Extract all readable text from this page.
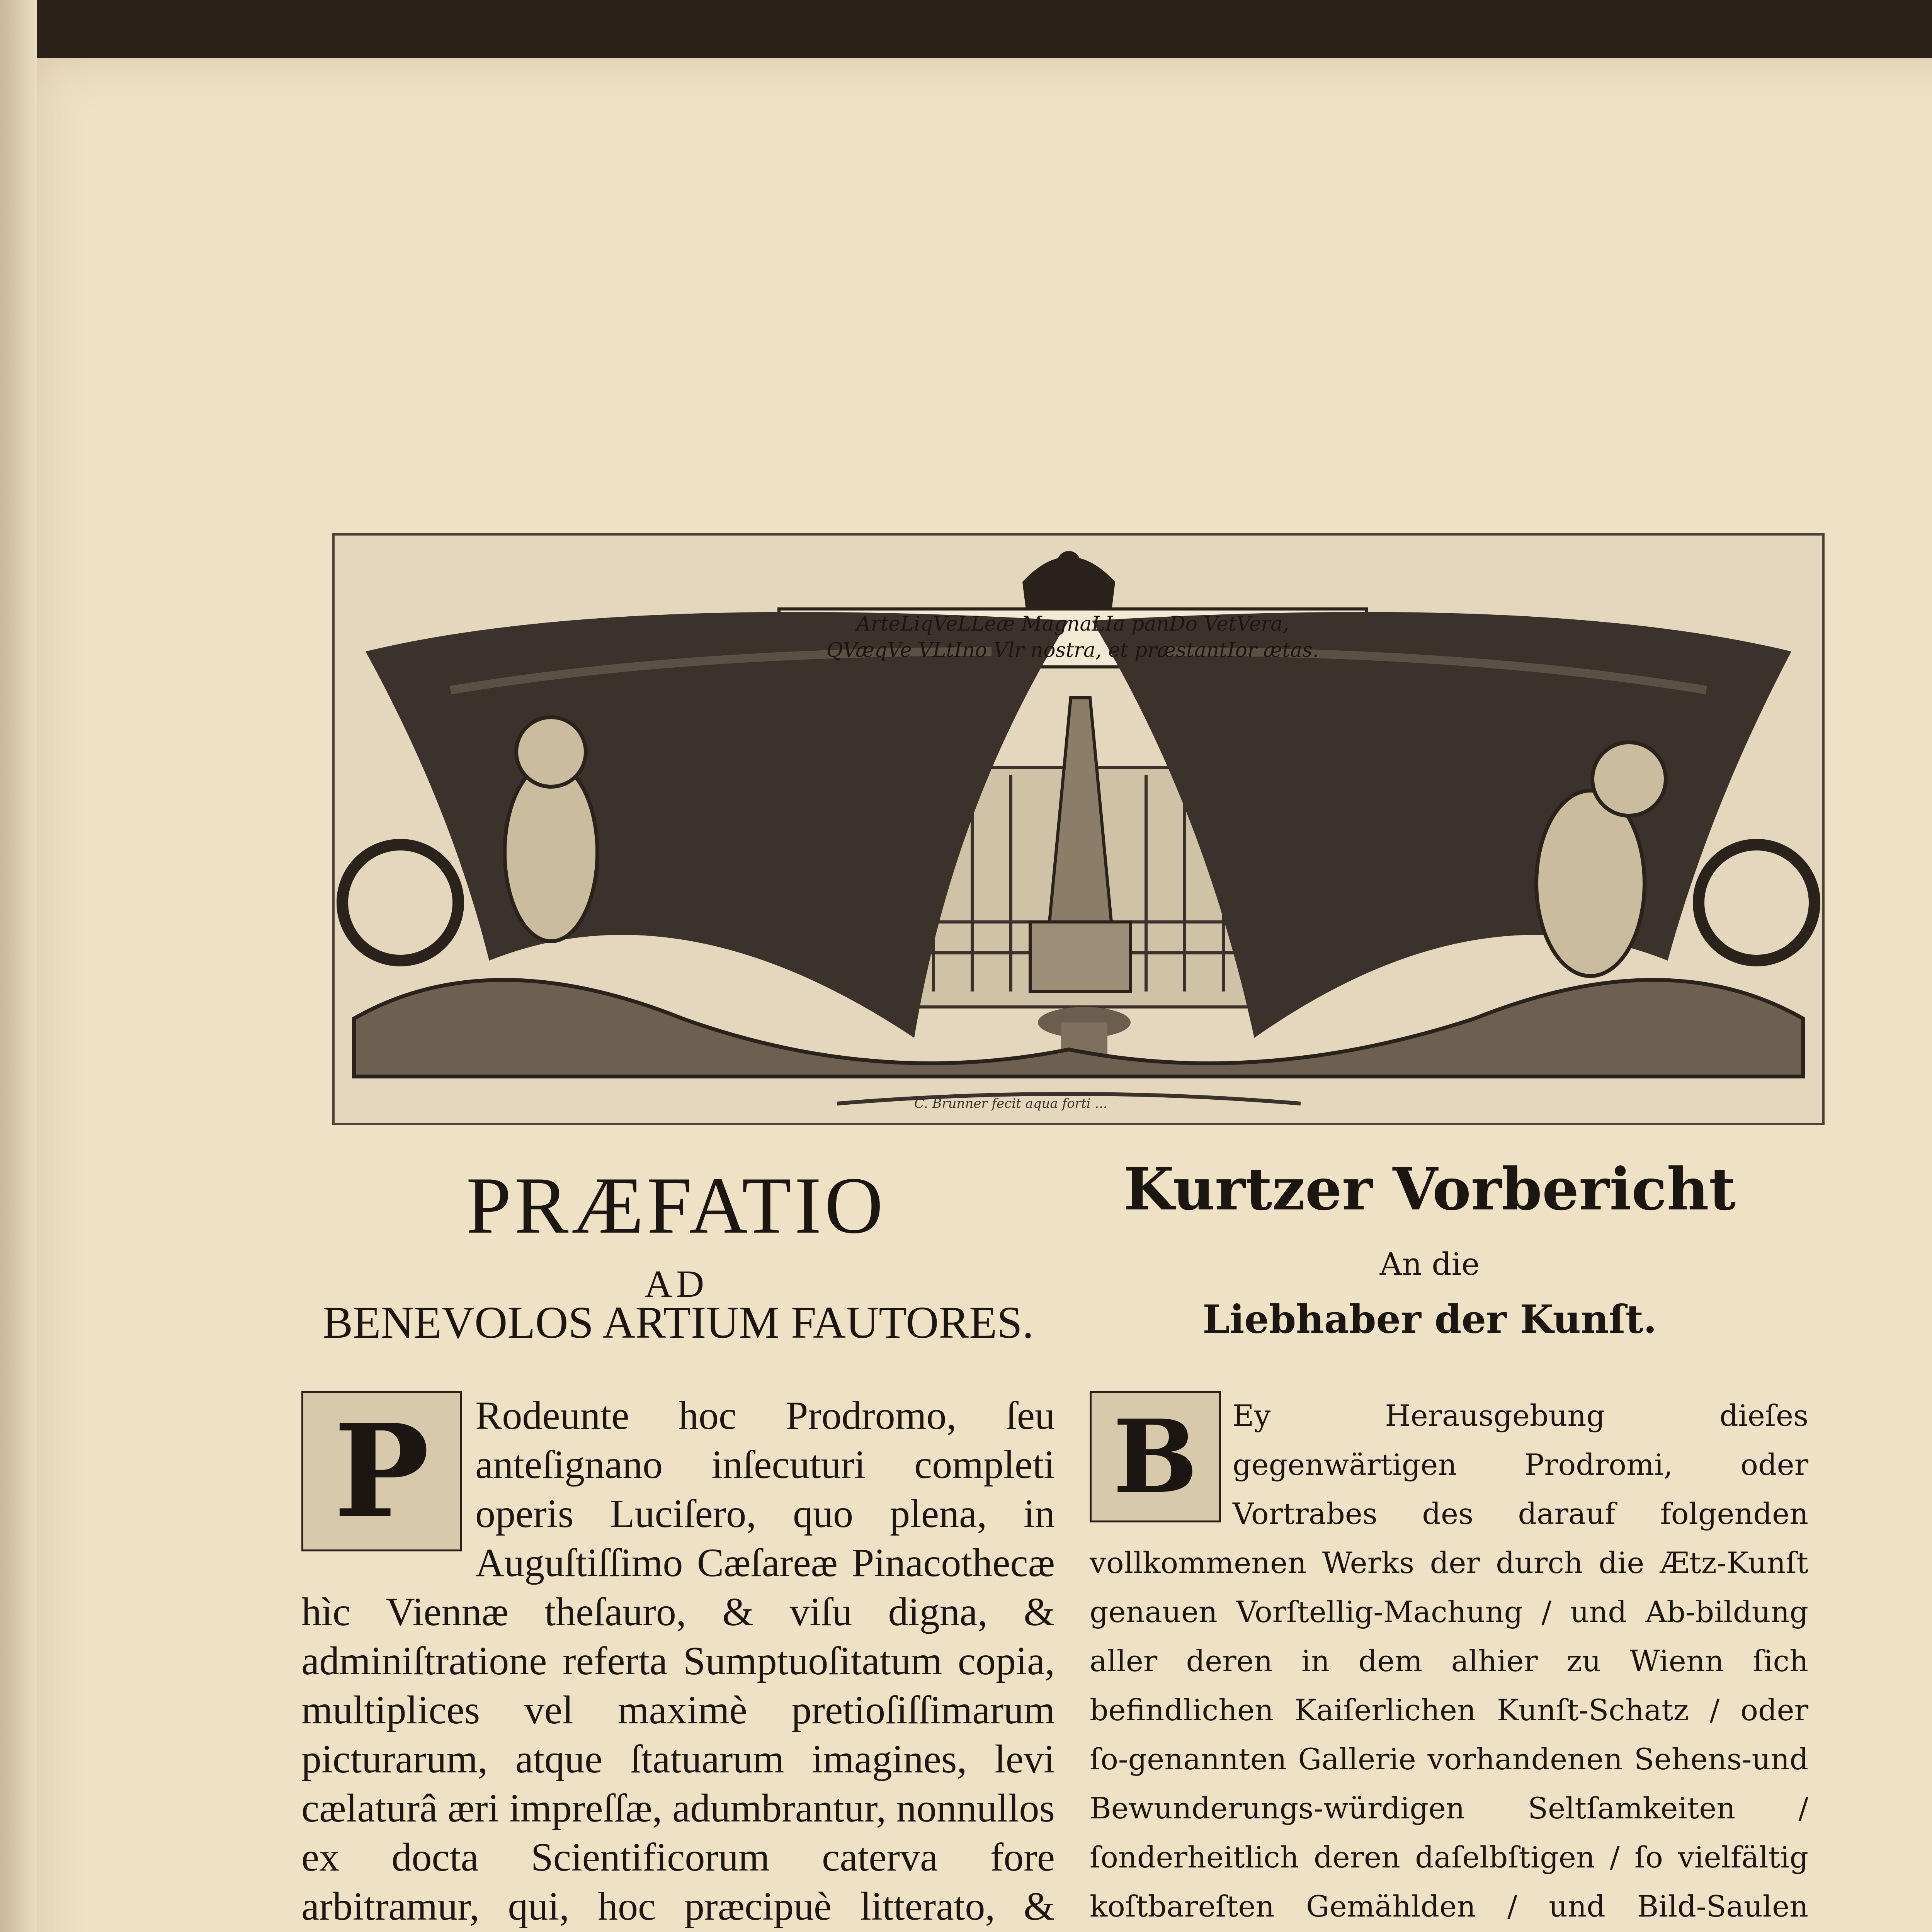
ArteLiqVeLLeæ MagnaLIa panDo VetVera,
QVæqVe VLtIno Vlr nostra, et præstantIor ætas.
C. Brunner fecit aqua forti ...
PRÆFATIO
AD
BENEVOLOS ARTIUM FAUTORES.
Kurtzer Vorbericht
An die
Liebhaber der Kunſt.

P	Rodeunte hoc Prodromo, ſeu anteſignano inſecuturi completi operis Luciſero, quo plena, in Auguſtiſſimo Cæſareæ Pinacothecæ hìc Viennæ theſauro, & viſu digna, & adminiſtratione referta Sumptuoſitatum copia, multiplices vel maximè pretioſiſſimarum picturarum, atque ſtatuarum imagines, levi cælaturâ æri impreſſæ, adumbrantur, nonnullos ex docta Scientificorum caterva fore arbitramur, qui, hoc præcipuè litterato, &

B	Ey Herausgebung dieſes gegenwärtigen Prodromi, oder Vortrabes des darauf folgenden vollkommenen Werks der durch die Ætz-Kunſt genauen Vorſtellig-Machung / und Ab-bildung aller deren in dem alhier zu Wienn ſich befindlichen Kaiſerlichen Kunſt-Schatz / oder ſo-genannten Gallerie vorhandenen Sehens-und Bewunderungs-würdigen Seltſamkeiten / ſonderheitlich deren daſelbſtigen / ſo vielfältig koſtbareſten Gemählden / und Bild-Saulen
